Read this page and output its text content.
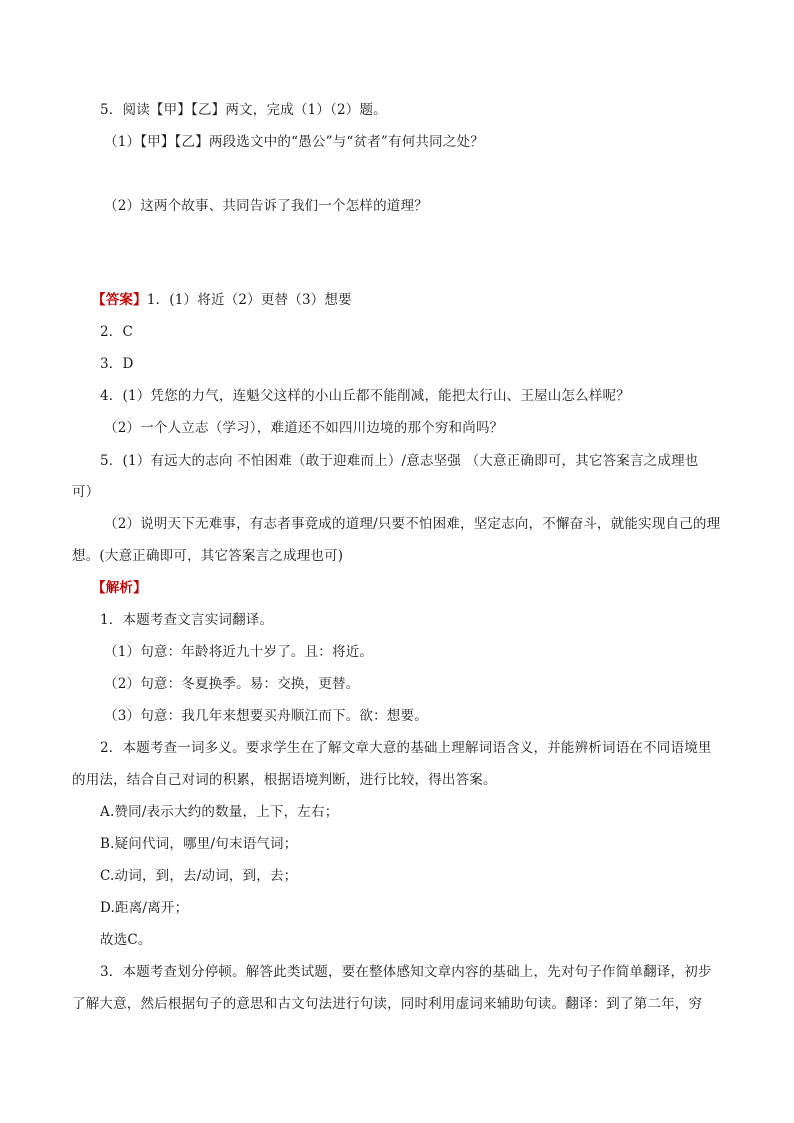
5．阅读【甲】【乙】两文，完成（1）（2）题。
（1）【甲】【乙】两段选文中的“愚公”与“贫者”有何共同之处？
（2）这两个故事、共同告诉了我们一个怎样的道理？
【答案】1．(1）将近（2）更替（3）想要
2．C
3．D
4．(1）凭您的力气，连魁父这样的小山丘都不能削减，能把太行山、王屋山怎么样呢？
（2）一个人立志（学习），难道还不如四川边境的那个穷和尚吗？
5．(1）有远大的志向 不怕困难（敢于迎难而上）/意志坚强 （大意正确即可，其它答案言之成理也
可）
（2）说明天下无难事，有志者事竟成的道理/只要不怕困难，坚定志向，不懈奋斗，就能实现自己的理
想。(大意正确即可，其它答案言之成理也可)
【解析】
1．本题考查文言实词翻译。
（1）句意：年龄将近九十岁了。且：将近。
（2）句意：冬夏换季。易：交换，更替。
（3）句意：我几年来想要买舟顺江而下。欲：想要。
2．本题考查一词多义。要求学生在了解文章大意的基础上理解词语含义，并能辨析词语在不同语境里
的用法，结合自己对词的积累，根据语境判断，进行比较，得出答案。
A.赞同/表示大约的数量，上下，左右；
B.疑问代词，哪里/句末语气词；
C.动词，到，去/动词，到，去；
D.距离/离开；
故选C。
3．本题考查划分停顿。解答此类试题，要在整体感知文章内容的基础上，先对句子作简单翻译，初步
了解大意，然后根据句子的意思和古文句法进行句读，同时利用虚词来辅助句读。翻译：到了第二年，穷
